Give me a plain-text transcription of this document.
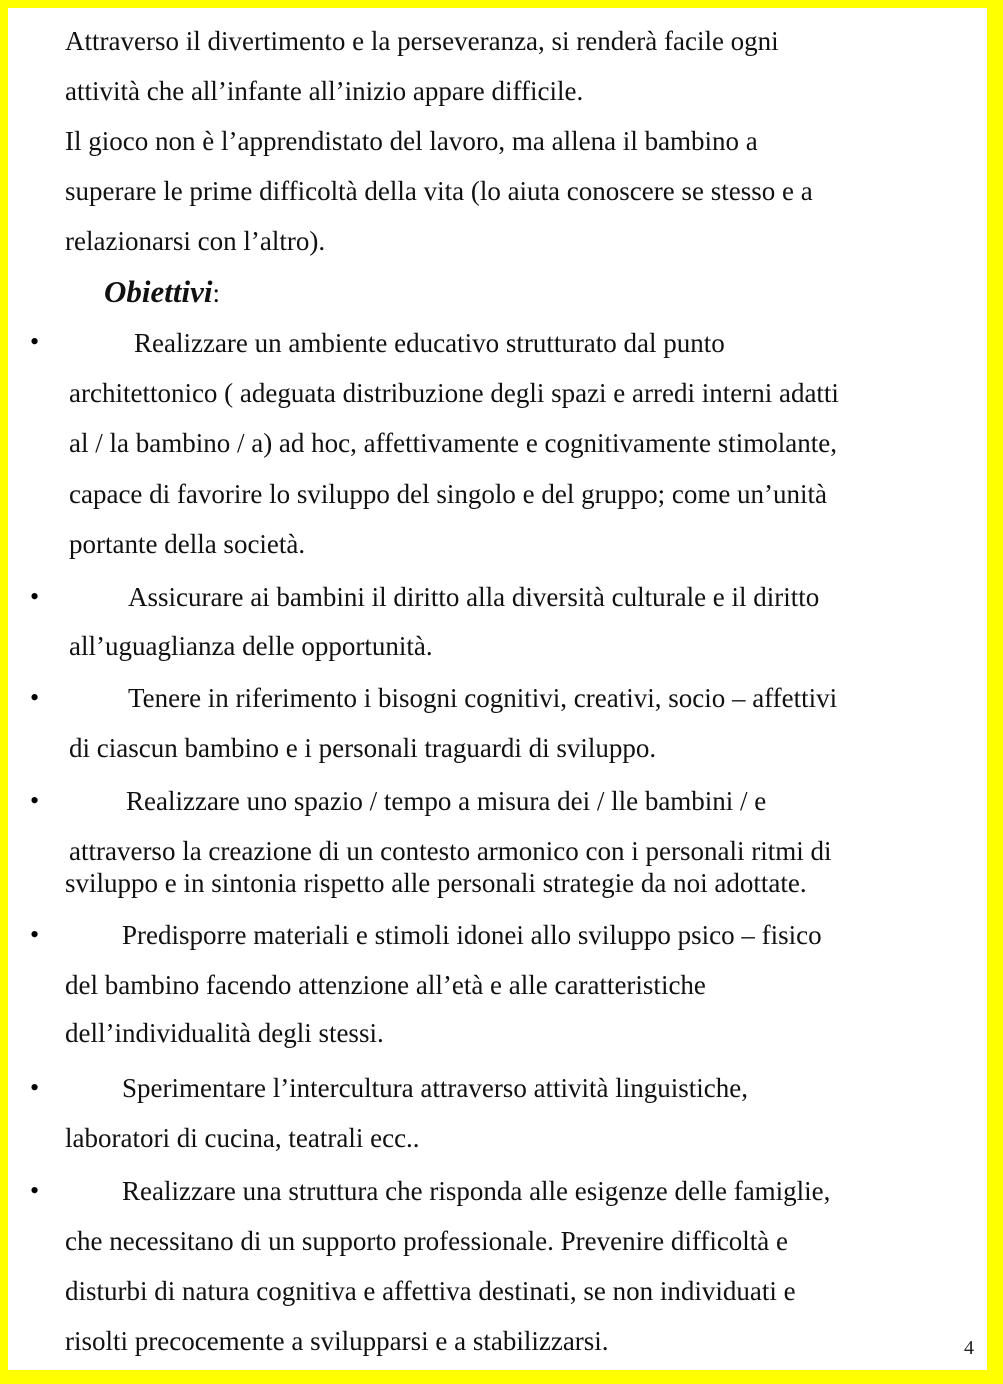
Attraverso il divertimento e la perseveranza, si renderà facile ogni

attività che all’infante all’inizio appare difficile.

Il gioco non è l’apprendistato del lavoro, ma allena il bambino a

superare le prime difficoltà della vita (lo aiuta conoscere se stesso e a

relazionarsi con l’altro).

Obiettivi:
•	Realizzare un ambiente educativo strutturato dal punto

architettonico ( adeguata distribuzione degli spazi e arredi interni adatti

al / la bambino / a) ad hoc, affettivamente e cognitivamente stimolante,

capace di favorire lo sviluppo del singolo e del gruppo; come un’unità

portante della società.

•	Assicurare ai bambini il diritto alla diversità culturale e il diritto

all’uguaglianza delle opportunità.

•	Tenere in riferimento i bisogni cognitivi, creativi, socio – affettivi

di ciascun bambino e i personali traguardi di sviluppo.

•	Realizzare uno spazio / tempo a misura dei / lle bambini / e

attraverso la creazione di un contesto armonico con i personali ritmi di

sviluppo e in sintonia rispetto alle personali strategie da noi adottate.

•	Predisporre materiali e stimoli idonei allo sviluppo psico – fisico

del bambino facendo attenzione all’età e alle caratteristiche

dell’individualità degli stessi.

•	Sperimentare l’intercultura attraverso attività linguistiche,

laboratori di cucina, teatrali ecc..

•	Realizzare una struttura che risponda alle esigenze delle famiglie,

che necessitano di un supporto professionale. Prevenire difficoltà e

disturbi di natura cognitiva e affettiva destinati, se non individuati e

risolti precocemente a svilupparsi e a stabilizzarsi.	4
